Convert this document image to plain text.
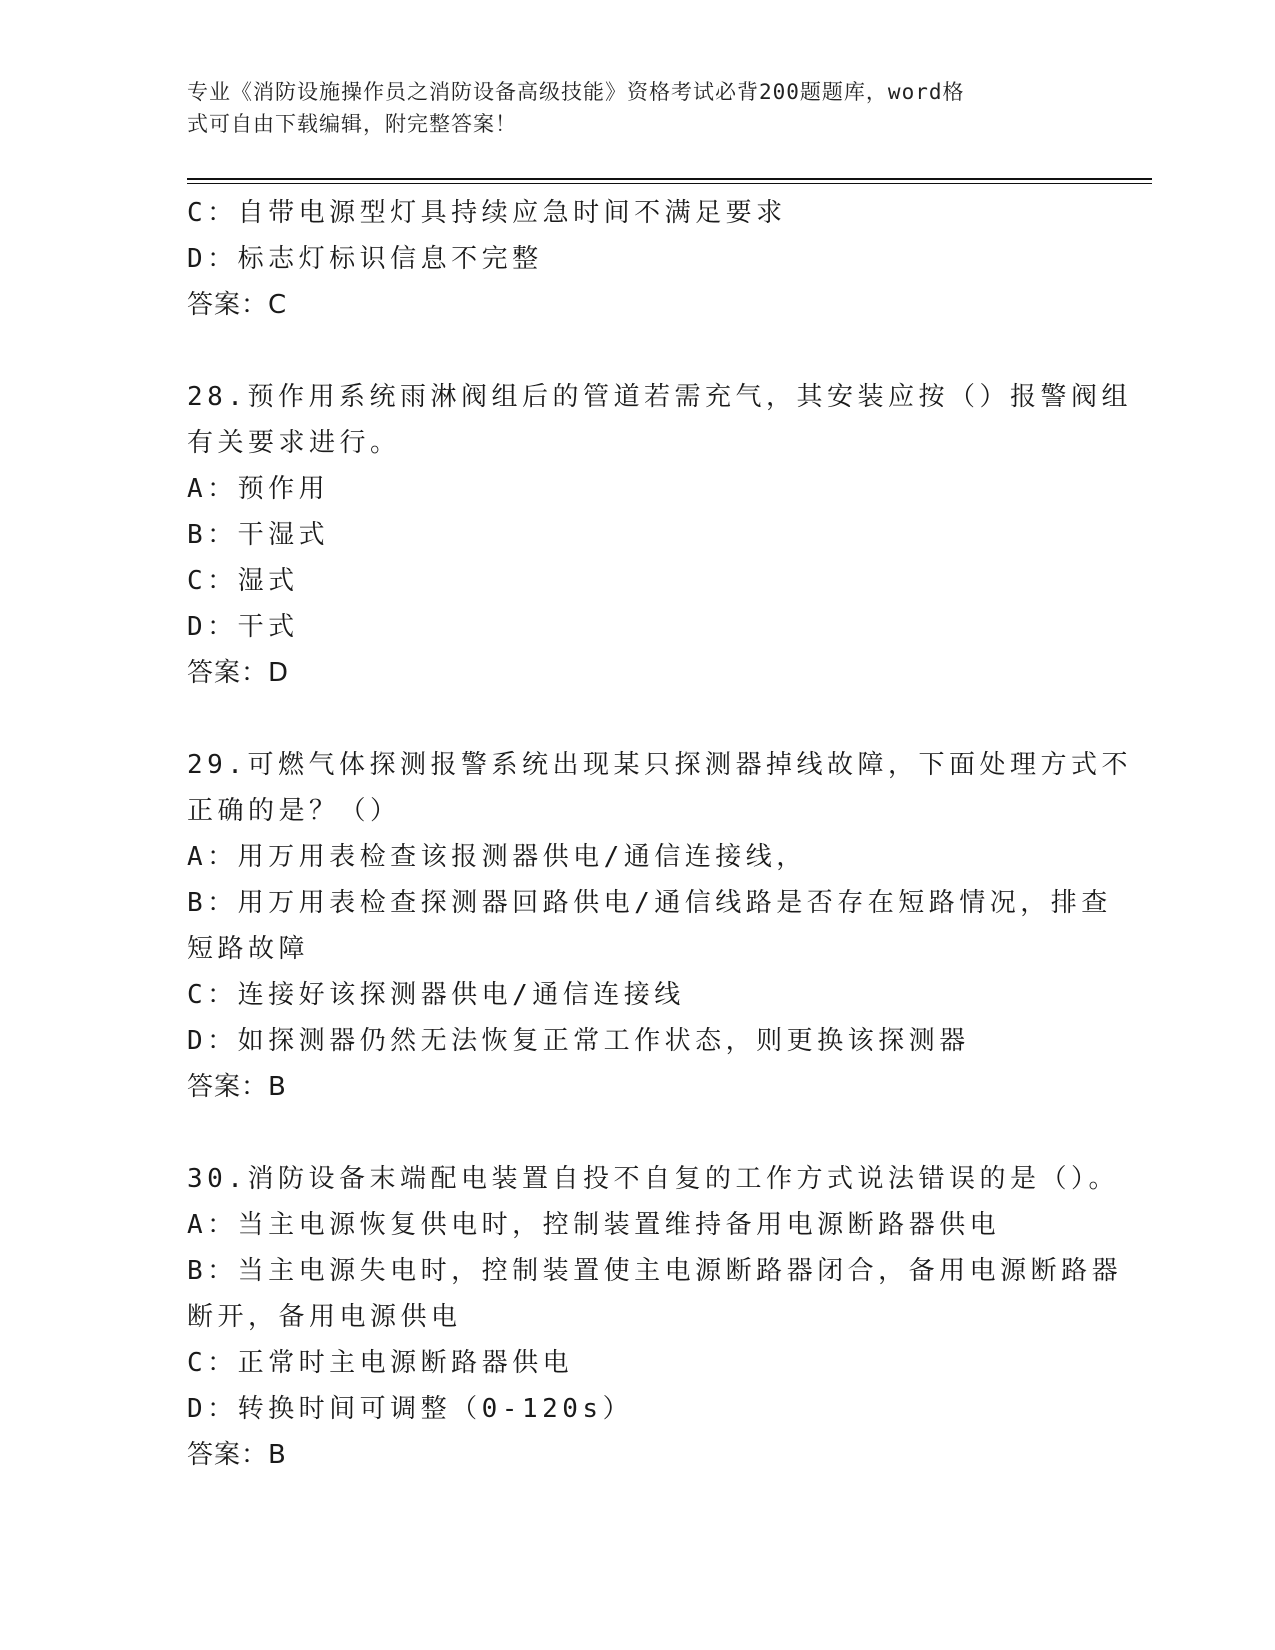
专业《消防设施操作员之消防设备高级技能》资格考试必背200题题库，word格
式可自由下载编辑，附完整答案！
C：自带电源型灯具持续应急时间不满足要求
D：标志灯标识信息不完整
答案：C
28.预作用系统雨淋阀组后的管道若需充气，其安装应按（）报警阀组
有关要求进行。
A：预作用
B：干湿式
C：湿式
D：干式
答案：D
29.可燃气体探测报警系统出现某只探测器掉线故障，下面处理方式不
正确的是？（）
A：用万用表检查该报测器供电/通信连接线，
B：用万用表检查探测器回路供电/通信线路是否存在短路情况，排查
短路故障
C：连接好该探测器供电/通信连接线
D：如探测器仍然无法恢复正常工作状态，则更换该探测器
答案：B
30.消防设备末端配电装置自投不自复的工作方式说法错误的是（）。
A：当主电源恢复供电时，控制装置维持备用电源断路器供电
B：当主电源失电时，控制装置使主电源断路器闭合，备用电源断路器
断开，备用电源供电
C：正常时主电源断路器供电
D：转换时间可调整（0-120s）
答案：B
